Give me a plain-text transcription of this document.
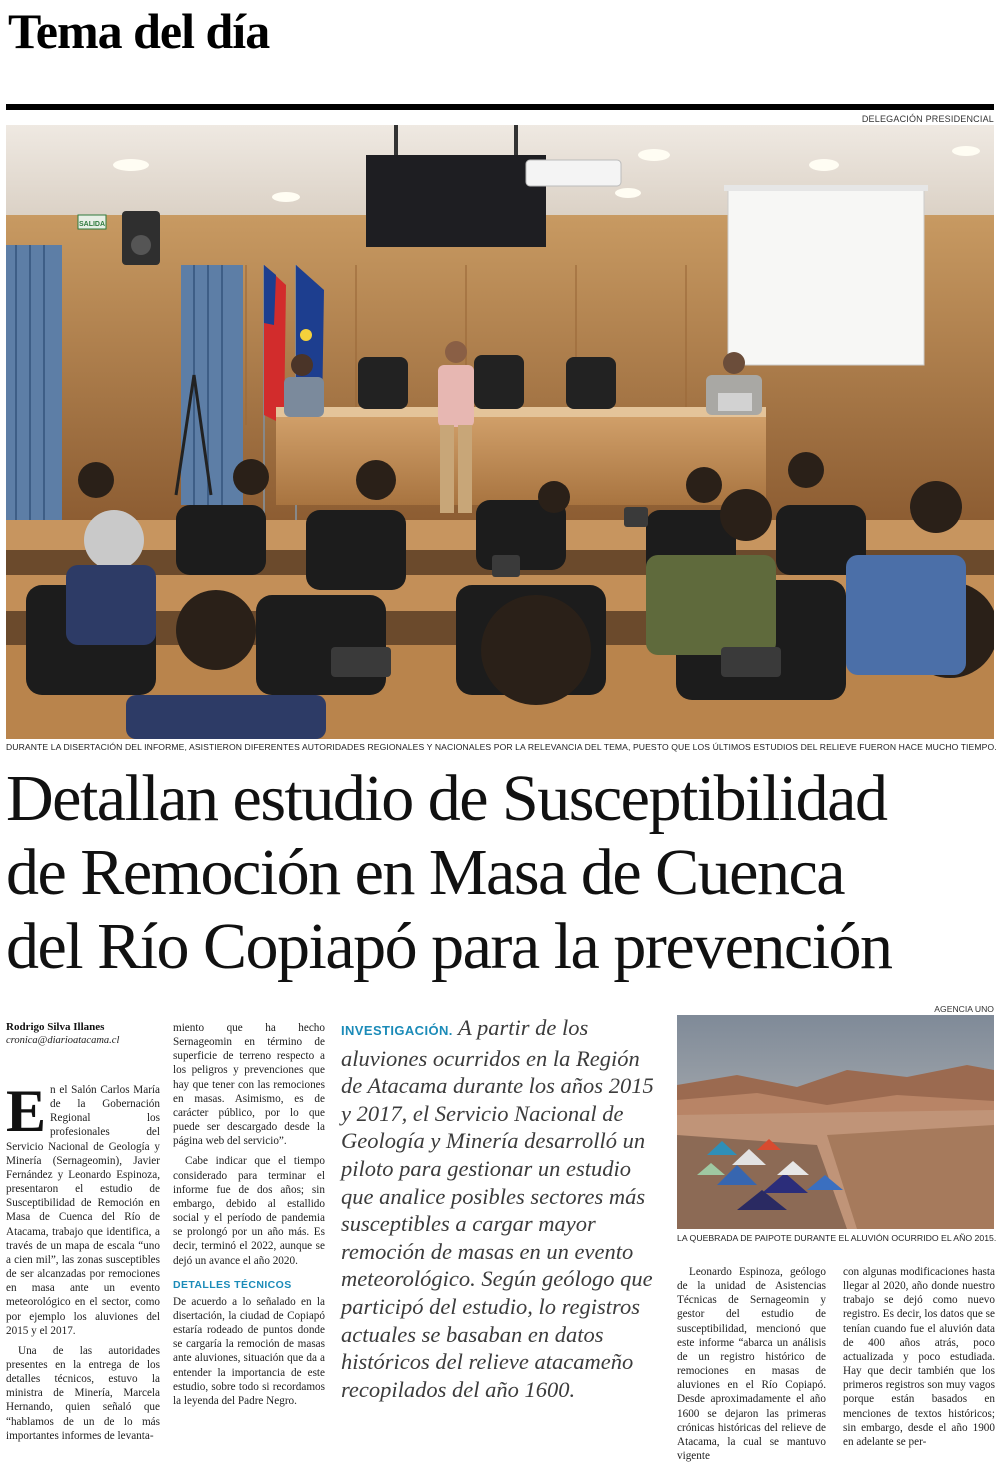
Tema del día
DELEGACIÓN PRESIDENCIAL
SALIDA
DURANTE LA DISERTACIÓN DEL INFORME, ASISTIERON DIFERENTES AUTORIDADES REGIONALES Y NACIONALES POR LA RELEVANCIA DEL TEMA, PUESTO QUE LOS ÚLTIMOS ESTUDIOS DEL RELIEVE FUERON HACE MUCHO TIEMPO.
Detallan estudio de Susceptibilidad
de Remoción en Masa de Cuenca
del Río Copiapó para la prevención
Rodrigo Silva Illanes
cronica@diarioatacama.cl

En el Salón Carlos María de la Gobernación Regional los profesionales del Servicio Nacional de Geología y Minería (Sernageomin), Javier Fernández y Leonardo Espinoza, presentaron el estudio de Susceptibilidad de Remoción en Masa de Cuenca del Río de Atacama, trabajo que identifica, a través de un mapa de escala “uno a cien mil”, las zonas susceptibles de ser alcanzadas por remociones en masa ante un evento meteorológico en el sector, como por ejemplo los aluviones del 2015 y el 2017.

Una de las autoridades presentes en la entrega de los detalles técnicos, estuvo la ministra de Minería, Marcela Hernando, quien señaló que “hablamos de un de lo más importantes informes de levanta-

miento que ha hecho Sernageomin en término de superficie de terreno respecto a los peligros y prevenciones que hay que tener con las remociones en masas. Asimismo, es de carácter público, por lo que puede ser descargado desde la página web del servicio”.

Cabe indicar que el tiempo considerado para terminar el informe fue de dos años; sin embargo, debido al estallido social y el período de pandemia se prolongó por un año más. Es decir, terminó el 2022, aunque se dejó un avance el año 2020.

DETALLES TÉCNICOS

De acuerdo a lo señalado en la disertación, la ciudad de Copiapó estaría rodeado de puntos donde se cargaría la remoción de masas ante aluviones, situación que da a entender la importancia de este estudio, sobre todo si recordamos la leyenda del Padre Negro.

INVESTIGACIÓN. A partir de los aluviones ocurridos en la Región de Atacama durante los años 2015 y 2017, el Servicio Nacional de Geología y Minería desarrolló un piloto para gestionar un estudio que analice posibles sectores más susceptibles a cargar mayor remoción de masas en un evento meteorológico. Según geólogo que participó del estudio, lo registros actuales se basaban en datos históricos del relieve atacameño recopilados del año 1600.
AGENCIA UNO
LA QUEBRADA DE PAIPOTE DURANTE EL ALUVIÓN OCURRIDO EL AÑO 2015.

Leonardo Espinoza, geólogo de la unidad de Asistencias Técnicas de Sernageomin y gestor del estudio de susceptibilidad, mencionó que este informe “abarca un análisis de un registro histórico de remociones en masas de aluviones en el Río Copiapó. Desde aproximadamente el año 1600 se dejaron las primeras crónicas históricas del relieve de Atacama, la cual se mantuvo vigente

con algunas modificaciones hasta llegar al 2020, año donde nuestro trabajo se dejó como nuevo registro. Es decir, los datos que se tenían cuando fue el aluvión data de 400 años atrás, poco actualizada y poco estudiada. Hay que decir también que los primeros registros son muy vagos porque están basados en menciones de textos históricos; sin embargo, desde el año 1900 en adelante se per-
